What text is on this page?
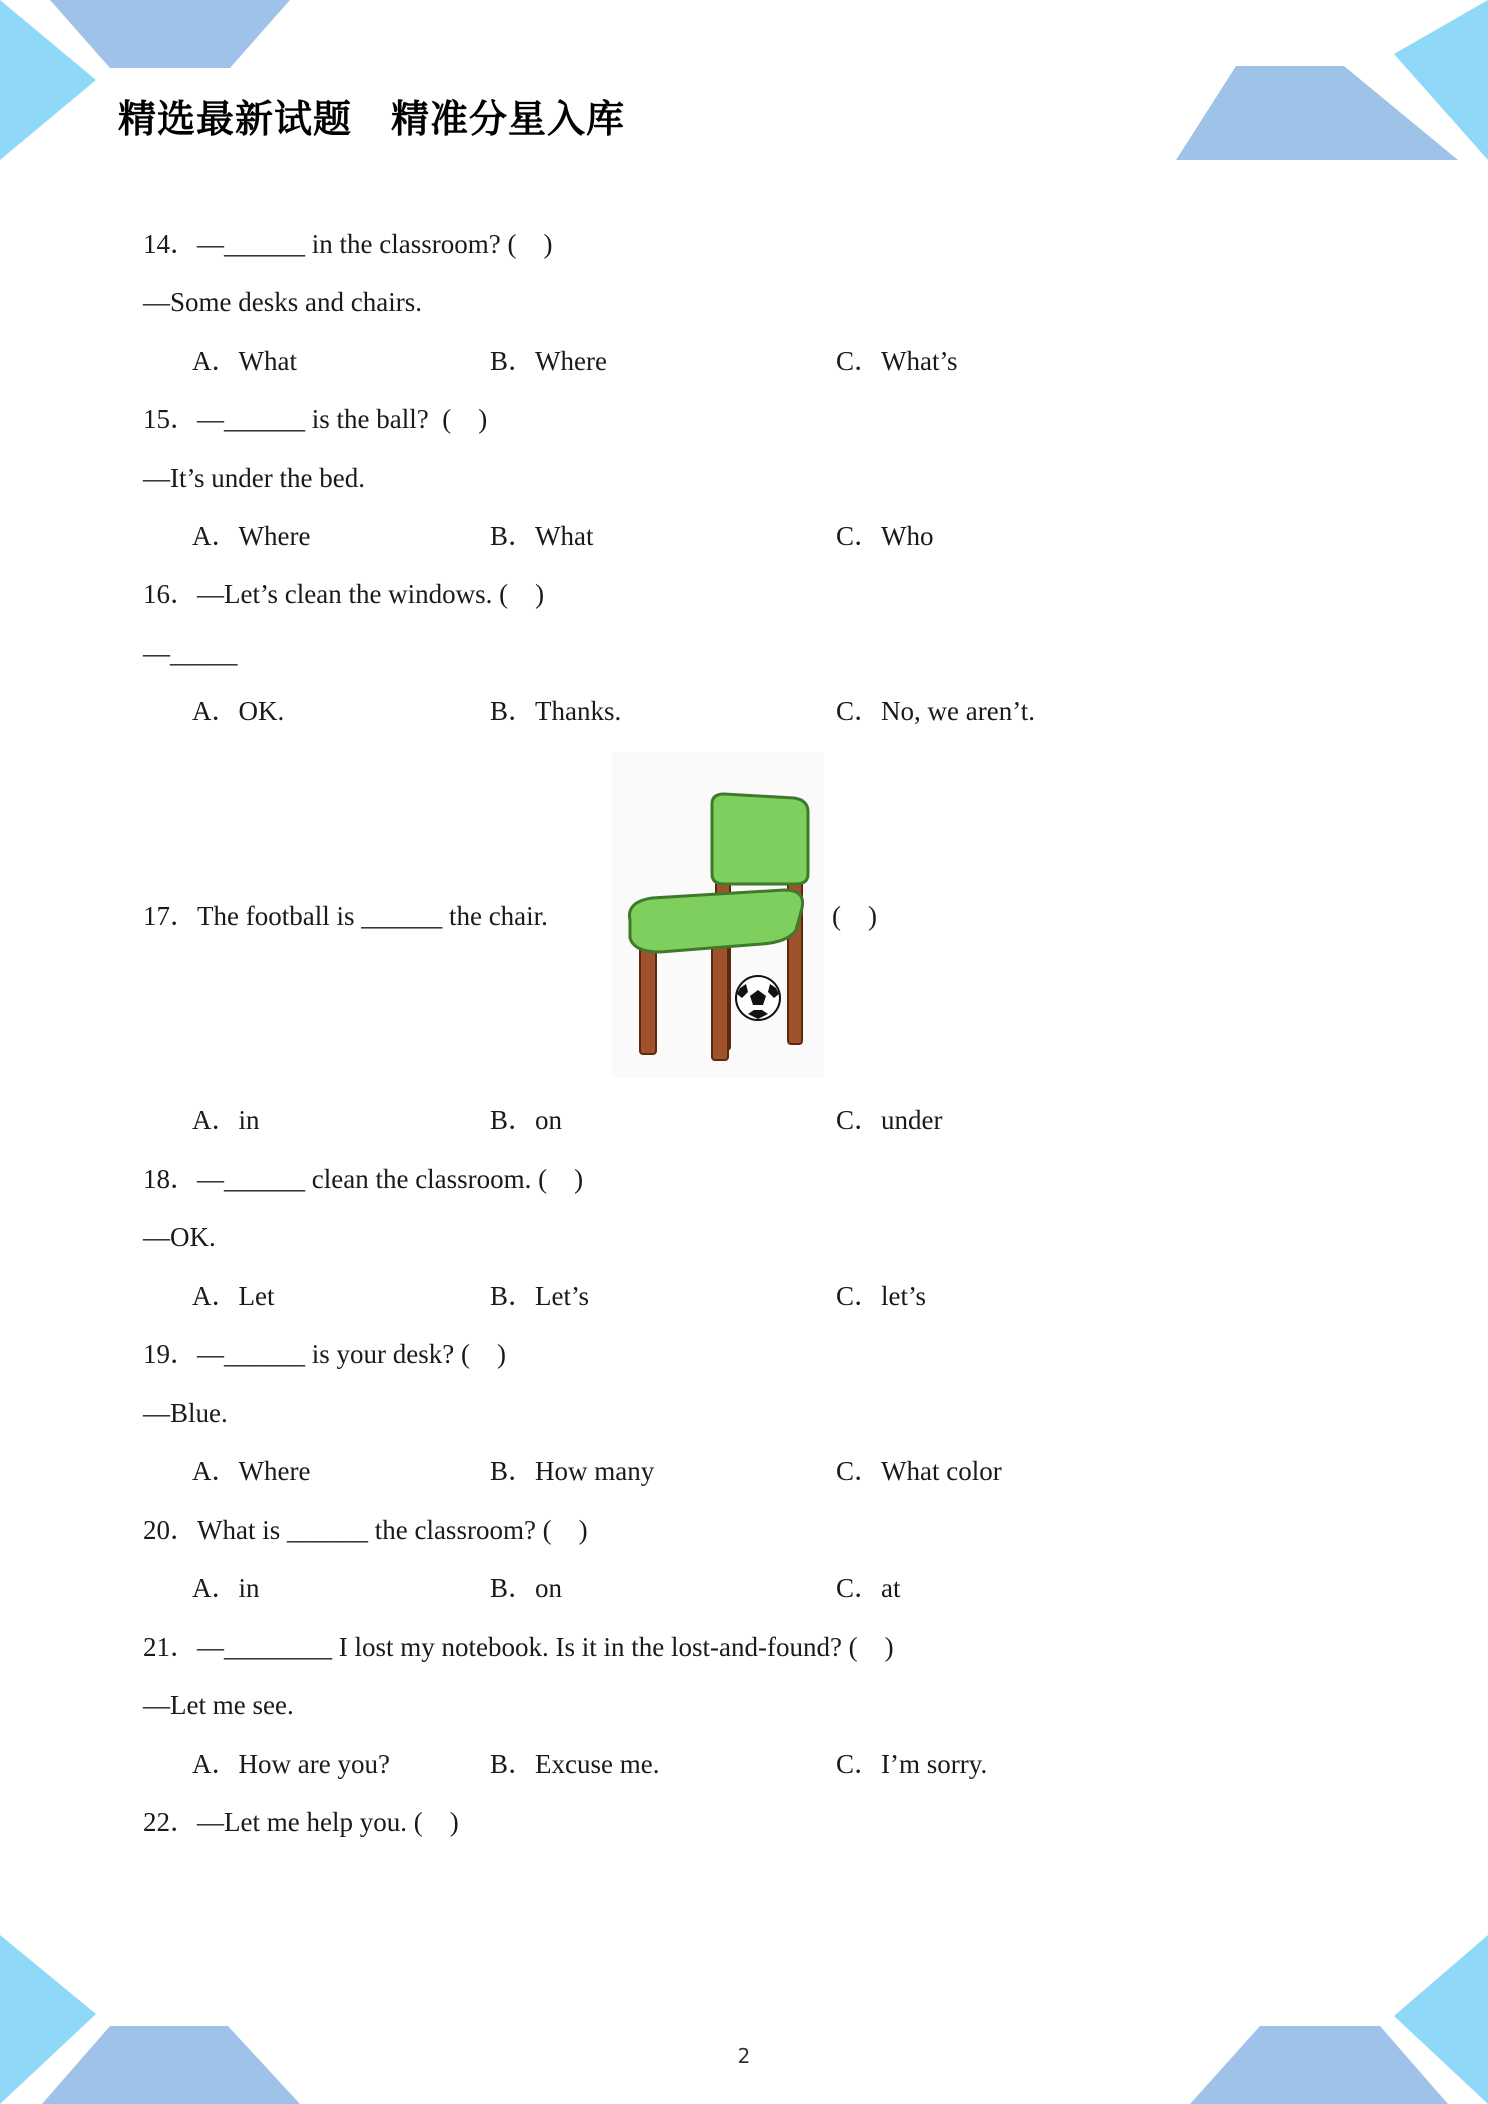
精选最新试题　精准分星入库
14．—______ in the classroom? (　)
—Some desks and chairs.
A．What	B．Where	C．What’s
15．—______ is the ball?  (　)
—It’s under the bed.
A．Where	B．What	C．Who
16．—Let’s clean the windows. (　)
—_____
A．OK.	B．Thanks.	C．No, we aren’t.
17．The football is ______ the chair.	(　)
A．in	B．on	C．under
18．—______ clean the classroom. (　)
—OK.
A．Let	B．Let’s	C．let’s
19．—______ is your desk? (　)
—Blue.
A．Where	B．How many	C．What color
20．What is ______ the classroom? (　)
A．in	B．on	C．at
21．—________ I lost my notebook. Is it in the lost-and-found? (　)
—Let me see.
A．How are you?	B．Excuse me.	C．I’m sorry.
22．—Let me help you. (　)
2
